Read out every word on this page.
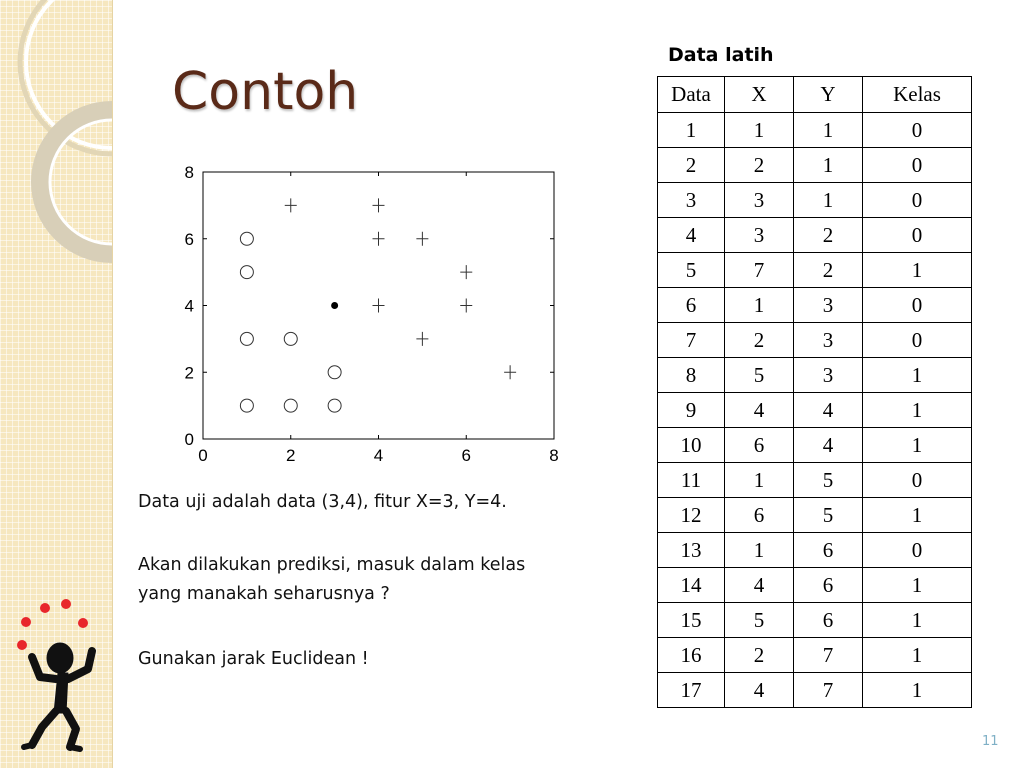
Contoh
0	2	4	6	8
0
2
4
6
8

Data uji adalah data (3,4), fitur X=3, Y=4.

Akan dilakukan prediksi, masuk dalam kelas

yang manakah seharusnya ?

Gunakan jarak Euclidean !

Data latih
Data	X	Y	Kelas
1	1	1	0
2	2	1	0
3	3	1	0
4	3	2	0
5	7	2	1
6	1	3	0
7	2	3	0
8	5	3	1
9	4	4	1
10	6	4	1
11	1	5	0
12	6	5	1
13	1	6	0
14	4	6	1
15	5	6	1
16	2	7	1
17	4	7	1
11
